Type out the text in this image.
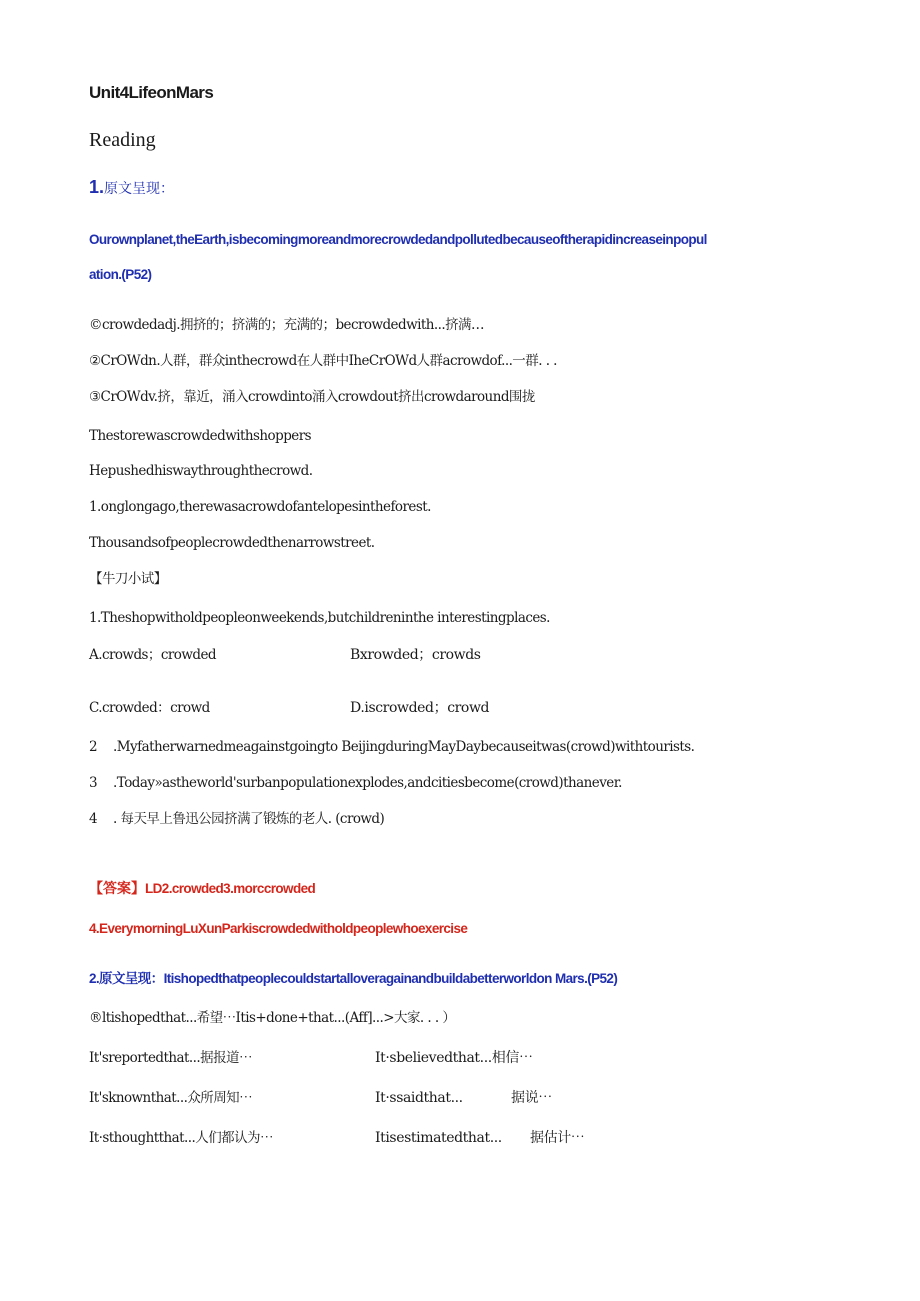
Unit4LifeonMars
Reading
1.原文呈现：
Ourownplanet,theEarth,isbecomingmoreandmorecrowdedandpollutedbecauseoftherapidincreaseinpopul
ation.(P52)
©crowdedadj.拥挤的；挤满的；充满的；becrowdedwith...挤满…
②CrOWdn.人群，群众inthecrowd在人群中IheCrOWd人群acrowdof...一群. . .
③CrOWdv.挤，靠近，涌入crowdinto涌入crowdout挤出crowdaround围拢
Thestorewascrowdedwithshoppers
Hepushedhiswaythroughthecrowd.
1.onglongago,therewasacrowdofantelopesintheforest.
Thousandsofpeoplecrowdedthenarrowstreet.
【牛刀小试】
1.Theshopwitholdpeopleonweekends,butchildreninthe interestingplaces.
A.crowds；crowded	Bxrowded；crowds
C.crowded：crowd	D.iscrowded；crowd
2 .Myfatherwarnedmeagainstgoingto BeijingduringMayDaybecauseitwas(crowd)withtourists.
3 .Today»astheworld'surbanpopulationexplodes,andcitiesbecome(crowd)thanever.
4 . 每天早上鲁迅公园挤满了锻炼的老人. (crowd)
【答案】LD2.crowded3.morccrowded
4.EverymorningLuXunParkiscrowdedwitholdpeoplewhoexercise
2.原文呈现：Itishopedthatpeoplecouldstartalloveragainandbuildabetterworldon Mars.(P52)
®ltishopedthat...希望⋯Itis+done+that...(Aff]...>大家. . . ）
It'sreportedthat...据报道⋯	It·sbelievedthat...相信⋯
It'sknownthat...众所周知⋯	It·ssaidthat...	据说⋯
It·sthoughtthat...人们都认为⋯	Itisestimatedthat... 据估计⋯
